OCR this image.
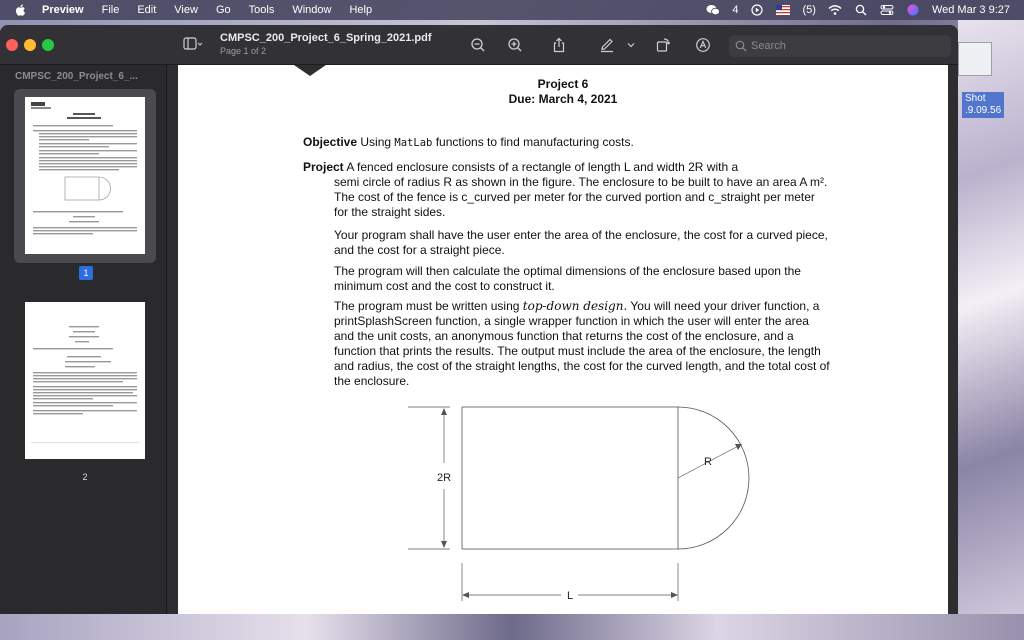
Shot
.9.09.56
Preview File Edit View Go Tools Window Help	4	(5)	Wed Mar 3 9:27
CMPSC_200_Project_6_Spring_2021.pdf
Page 1 of 2
Search
CMPSC_200_Project_6_...
1
2
Project 6
Due: March 4, 2021
Objective Using MatLab functions to find manufacturing costs.
Project A fenced enclosure consists of a rectangle of length L and width 2R with a
semi circle of radius R as shown in the figure. The enclosure to be built to have an area A m². The cost of the fence is c_curved per meter for the curved portion and c_straight per meter for the straight sides.
Your program shall have the user enter the area of the enclosure, the cost for a curved piece, and the cost for a straight piece.
The program will then calculate the optimal dimensions of the enclosure based upon the minimum cost and the cost to construct it.
The program must be written using top-down design. You will need your driver function, a printSplashScreen function, a single wrapper function in which the user will enter the area and the unit costs, an anonymous function that returns the cost of the enclosure, and a function that prints the results. The output must include the area of the enclosure, the length and radius, the cost of the straight lengths, the cost for the curved length, and the total cost of the enclosure.
2R
R
L
